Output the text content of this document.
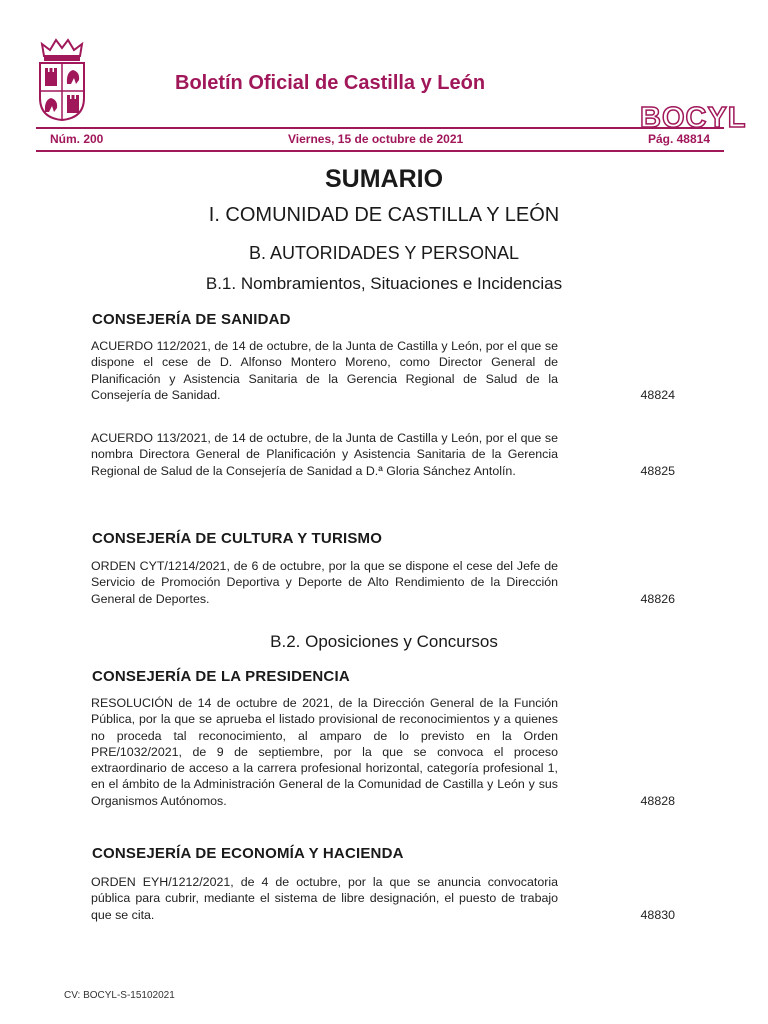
BOCYL
Boletín Oficial de Castilla y León
Núm. 200	Viernes, 15 de octubre de 2021	Pág. 48814
SUMARIO
I. COMUNIDAD DE CASTILLA Y LEÓN
B. AUTORIDADES Y PERSONAL
B.1. Nombramientos, Situaciones e Incidencias
CONSEJERÍA DE SANIDAD
ACUERDO 112/2021, de 14 de octubre, de la Junta de Castilla y León, por el que se dispone el cese de D. Alfonso Montero Moreno, como Director General de Planificación y Asistencia Sanitaria de la Gerencia Regional de Salud de la Consejería de Sanidad.	48824
ACUERDO 113/2021, de 14 de octubre, de la Junta de Castilla y León, por el que se nombra Directora General de Planificación y Asistencia Sanitaria de la Gerencia Regional de Salud de la Consejería de Sanidad a D.ª Gloria Sánchez Antolín.	48825
CONSEJERÍA DE CULTURA Y TURISMO
ORDEN CYT/1214/2021, de 6 de octubre, por la que se dispone el cese del Jefe de Servicio de Promoción Deportiva y Deporte de Alto Rendimiento de la Dirección General de Deportes.	48826
B.2. Oposiciones y Concursos
CONSEJERÍA DE LA PRESIDENCIA
RESOLUCIÓN de 14 de octubre de 2021, de la Dirección General de la Función Pública, por la que se aprueba el listado provisional de reconocimientos y a quienes no proceda tal reconocimiento, al amparo de lo previsto en la Orden PRE/1032/2021, de 9 de septiembre, por la que se convoca el proceso extraordinario de acceso a la carrera profesional horizontal, categoría profesional 1, en el ámbito de la Administración General de la Comunidad de Castilla y León y sus Organismos Autónomos.	48828
CONSEJERÍA DE ECONOMÍA Y HACIENDA
ORDEN EYH/1212/2021, de 4 de octubre, por la que se anuncia convocatoria pública para cubrir, mediante el sistema de libre designación, el puesto de trabajo que se cita.	48830
CV: BOCYL-S-15102021
